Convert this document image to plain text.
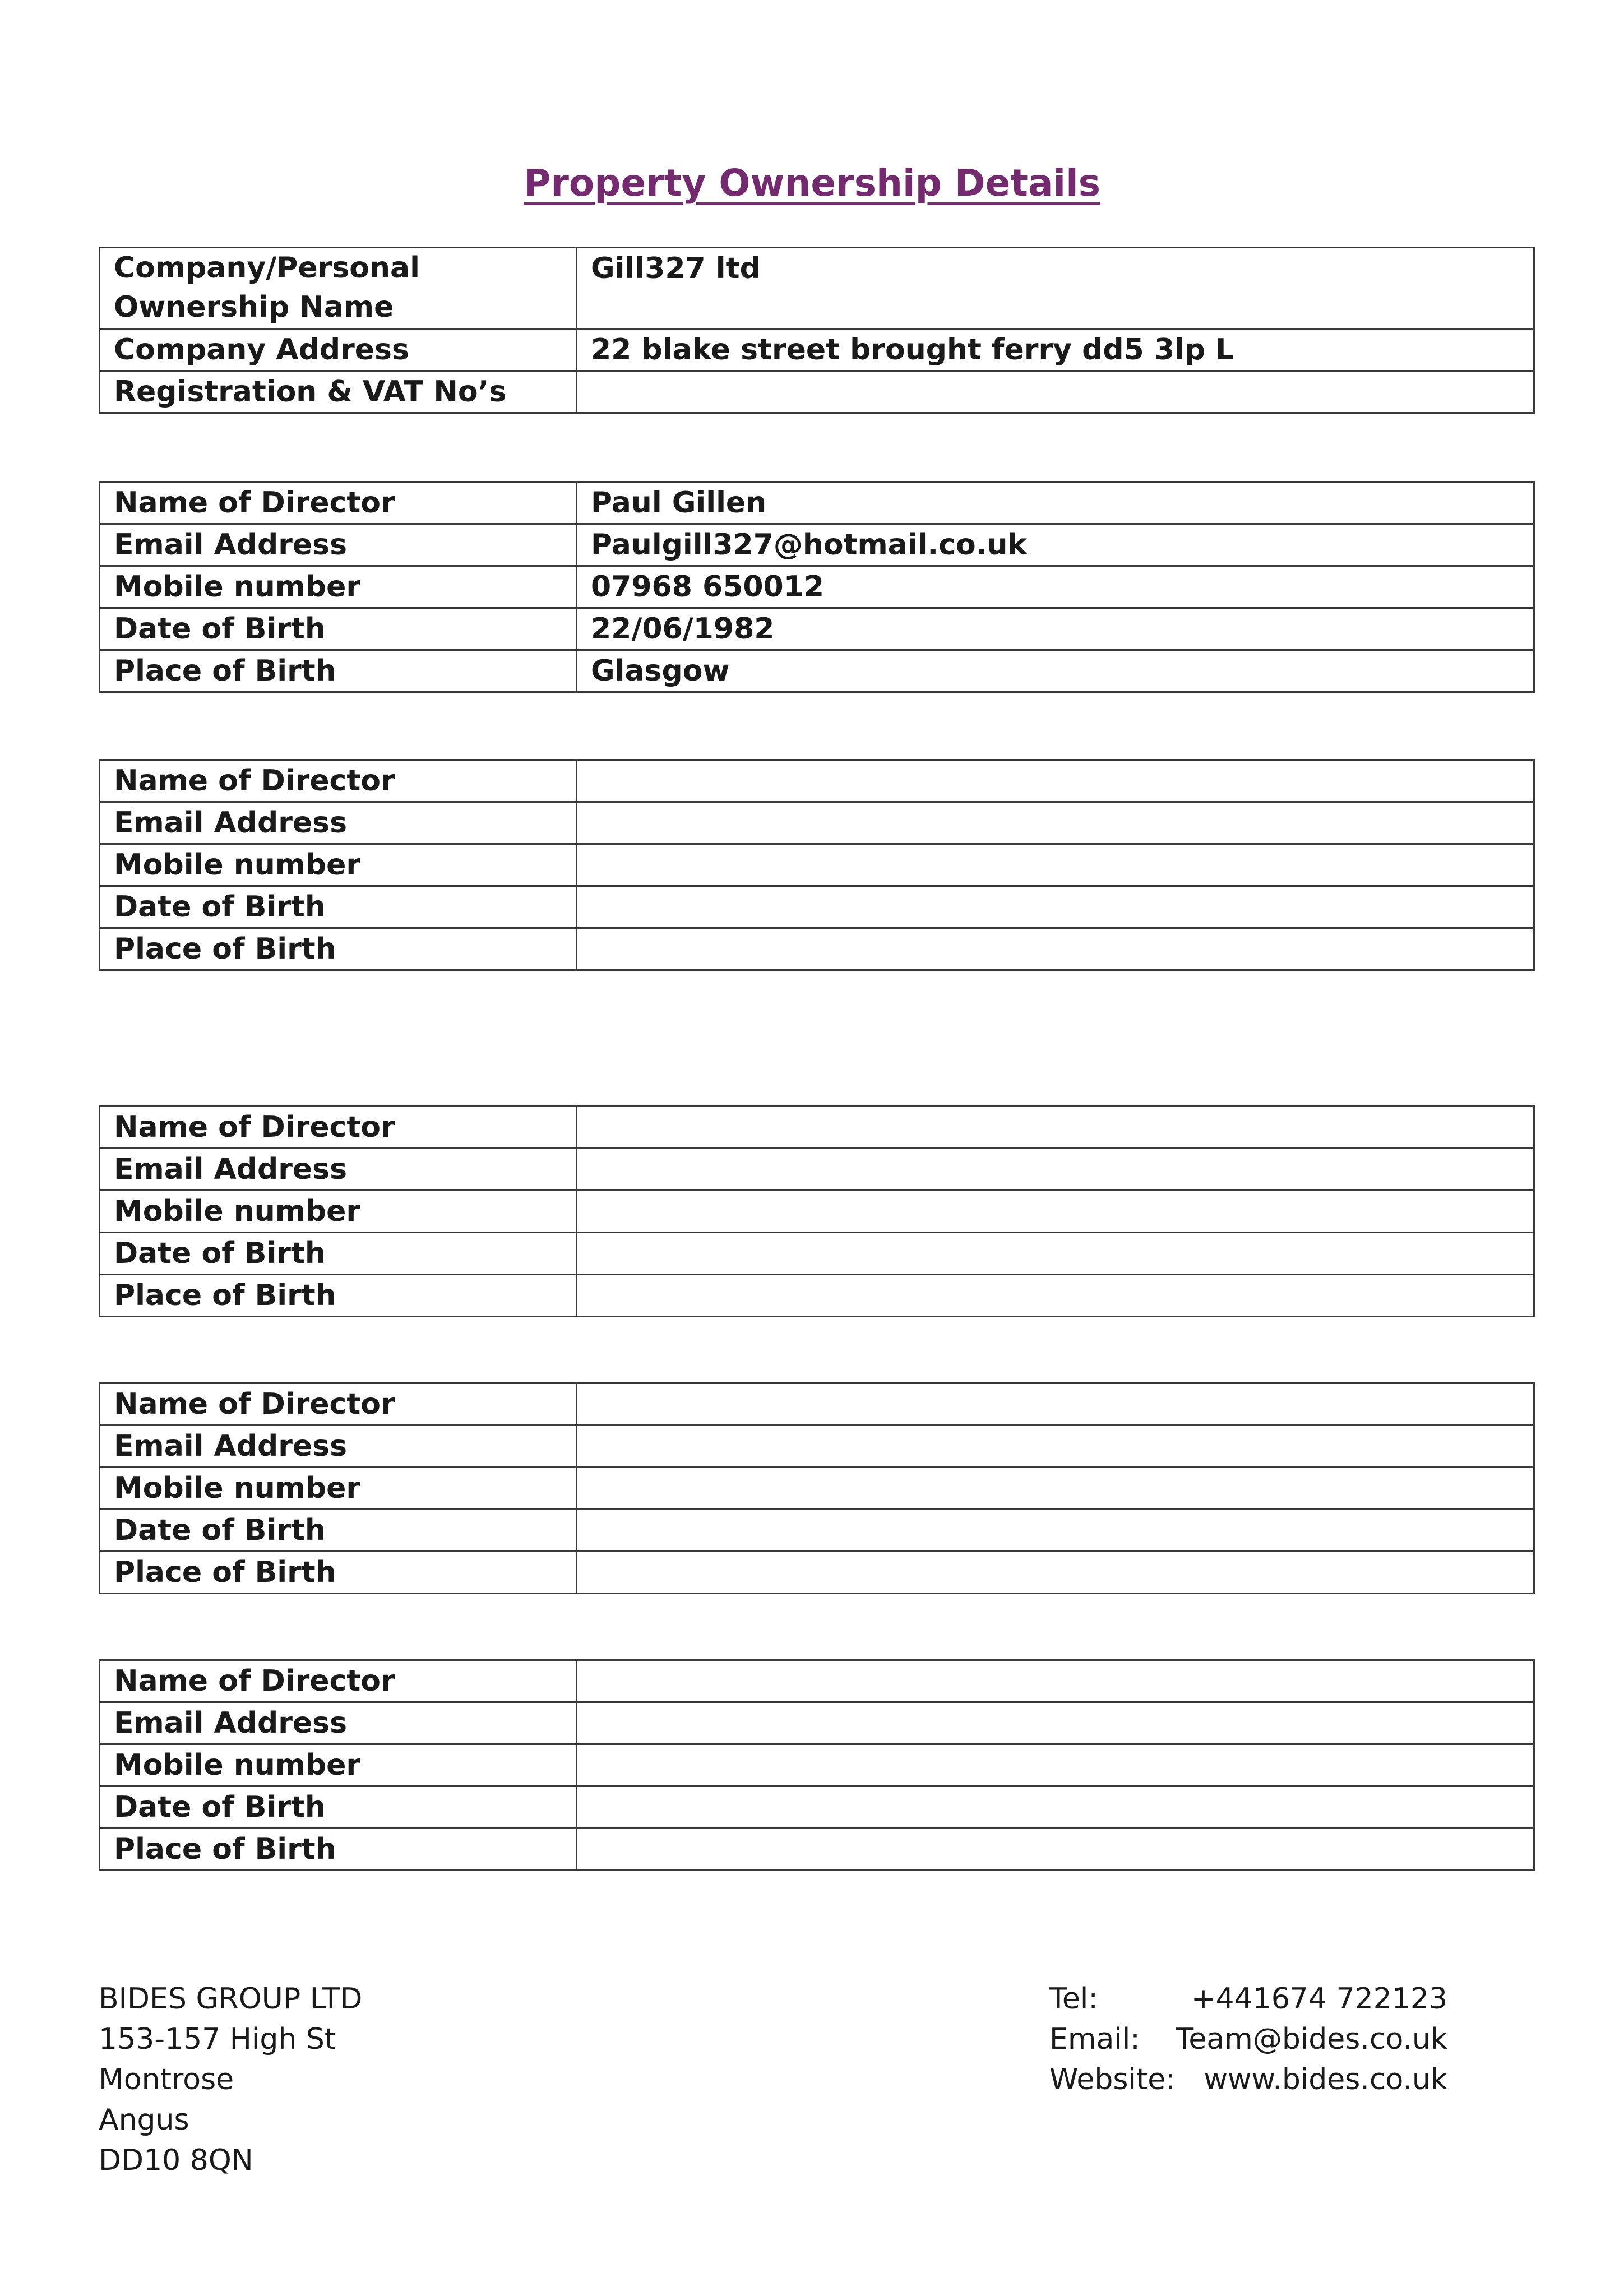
Property Ownership Details
Company/Personal Ownership Name	Gill327 ltd
Company Address	22 blake street brought ferry dd5 3lp L
Registration & VAT No’s	
Name of Director	Paul Gillen
Email Address	Paulgill327@hotmail.co.uk
Mobile number	07968 650012
Date of Birth	22/06/1982
Place of Birth	Glasgow
Name of Director	
Email Address	
Mobile number	
Date of Birth	
Place of Birth	
Name of Director	
Email Address	
Mobile number	
Date of Birth	
Place of Birth	
Name of Director	
Email Address	
Mobile number	
Date of Birth	
Place of Birth	
Name of Director	
Email Address	
Mobile number	
Date of Birth	
Place of Birth	
BIDES GROUP LTD
153-157 High St
Montrose
Angus
DD10 8QN
Tel:	+441674 722123
Email:	Team@bides.co.uk
Website: www.bides.co.uk
